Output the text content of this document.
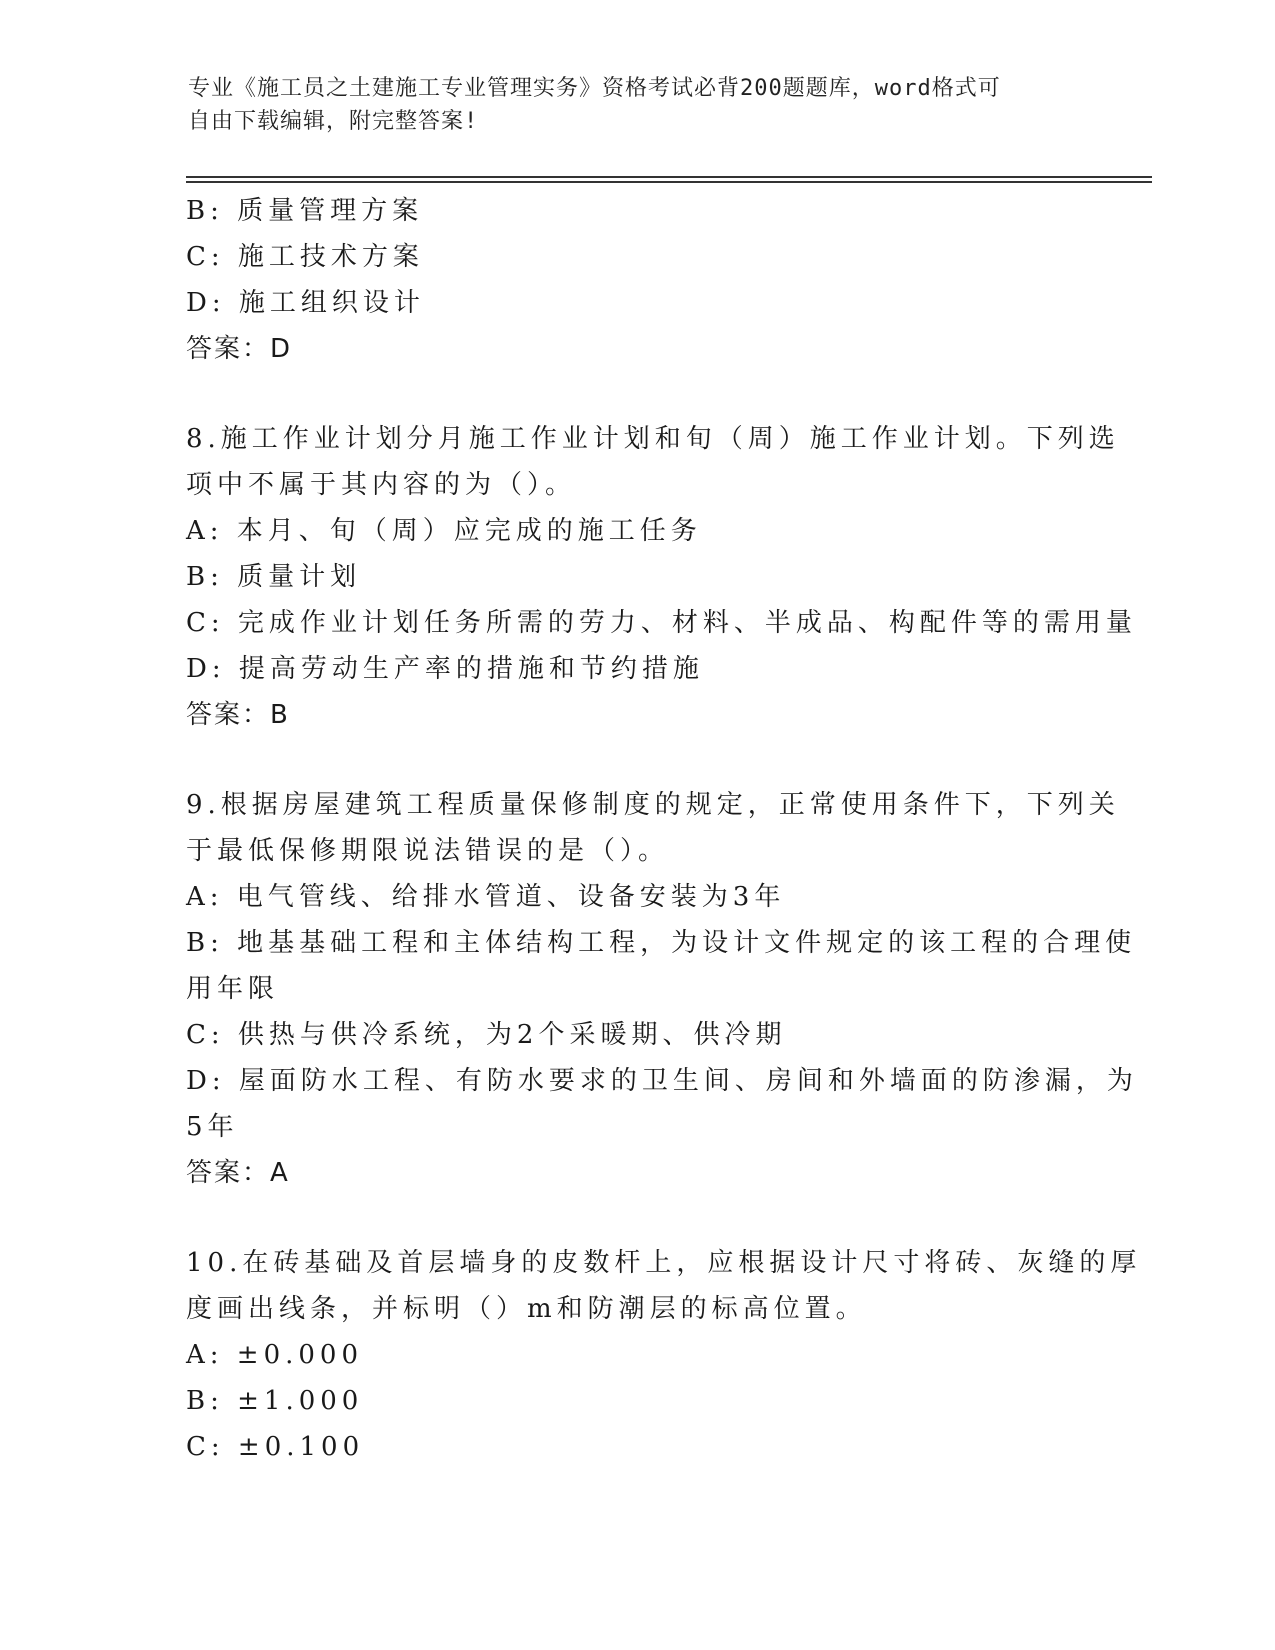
专业《施工员之土建施工专业管理实务》资格考试必背200题题库，word格式可
自由下载编辑，附完整答案!
B: 质量管理方案
C: 施工技术方案
D: 施工组织设计
答案：D
8.施工作业计划分月施工作业计划和旬（周）施工作业计划。下列选
项中不属于其内容的为（）。
A: 本月、旬（周）应完成的施工任务
B: 质量计划
C: 完成作业计划任务所需的劳力、材料、半成品、构配件等的需用量
D: 提高劳动生产率的措施和节约措施
答案：B
9.根据房屋建筑工程质量保修制度的规定，正常使用条件下，下列关
于最低保修期限说法错误的是（）。
A: 电气管线、给排水管道、设备安装为3年
B: 地基基础工程和主体结构工程，为设计文件规定的该工程的合理使
用年限
C: 供热与供冷系统，为2个采暖期、供冷期
D: 屋面防水工程、有防水要求的卫生间、房间和外墙面的防渗漏，为
5年
答案：A
10.在砖基础及首层墙身的皮数杆上，应根据设计尺寸将砖、灰缝的厚
度画出线条，并标明（）m和防潮层的标高位置。
A: ±0.000
B: ±1.000
C: ±0.100
